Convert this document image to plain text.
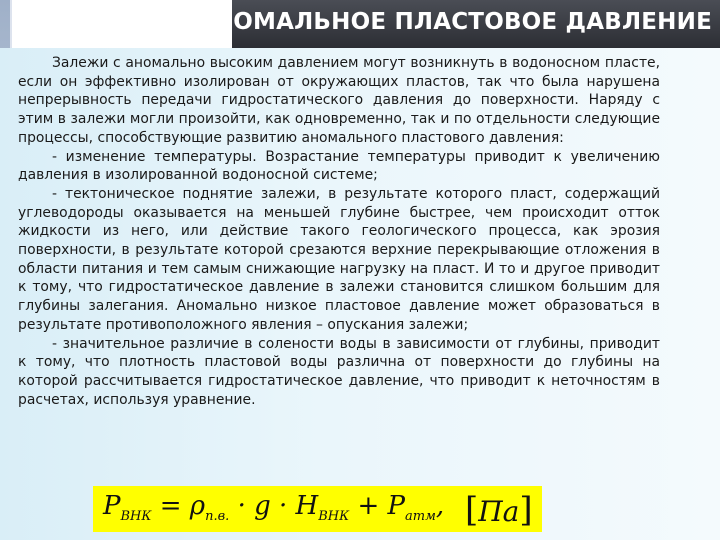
АНОМАЛЬНОЕ ПЛАСТОВОЕ ДАВЛЕНИЕ

Залежи с аномально высоким давлением могут возникнуть в водоносном пласте, если он эффективно изолирован от окружающих пластов, так что была нарушена непрерывность передачи гидростатического давления до поверхности. Наряду с этим в залежи могли произойти, как одновременно, так и по отдельности следующие процессы, способствующие развитию аномального пластового давления:

- изменение температуры. Возрастание температуры приводит к увеличению давления в изолированной водоносной системе;

- тектоническое поднятие залежи, в результате которого пласт, содержащий углеводороды оказывается на меньшей глубине быстрее, чем происходит отток жидкости из него, или действие такого геологического процесса, как эрозия поверхности, в результате которой срезаются верхние перекрывающие отложения в области питания и тем самым снижающие нагрузку на пласт. И то и другое приводит к тому, что гидростатическое давление в залежи становится слишком большим для глубины залегания. Аномально низкое пластовое давление может образоваться в результате противоположного явления – опускания залежи;

- значительное различие в солености воды в зависимости от глубины, приводит к тому, что плотность пластовой воды различна от поверхности до глубины на которой рассчитывается гидростатическое давление, что приводит к неточностям в расчетах, используя уравнение.

$P_{ВНК} = \rho_{п.в.} \cdot g \cdot H_{ВНК} + P_{атм}$, [Па]
